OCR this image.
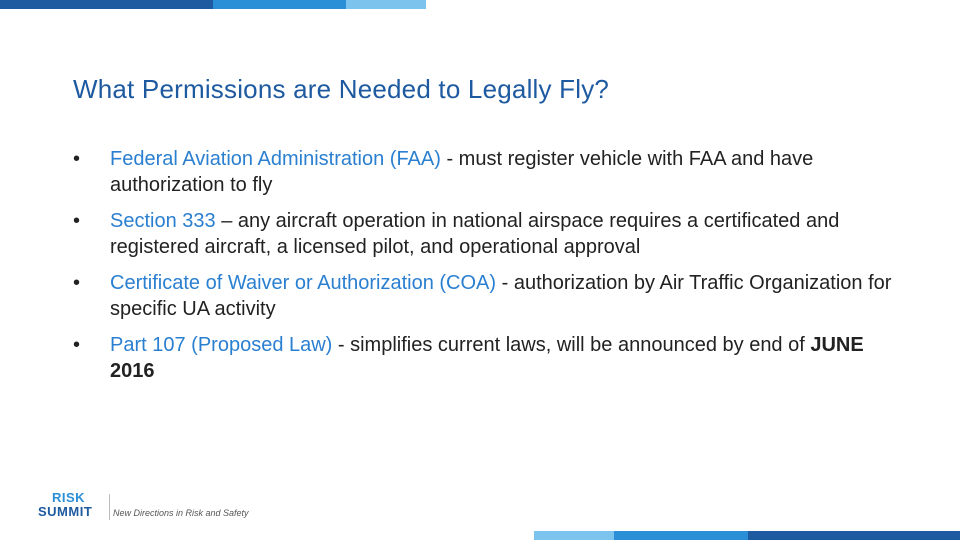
What Permissions are Needed to Legally Fly?
• Federal Aviation Administration (FAA) - must register vehicle with FAA and have authorization to fly
• Section 333 – any aircraft operation in national airspace requires a certificated and registered aircraft, a licensed pilot, and operational approval
• Certificate of Waiver or Authorization (COA) - authorization by Air Traffic Organization for specific UA activity
• Part 107 (Proposed Law) - simplifies current laws, will be announced by end of JUNE 2016
RISK
SUMMIT	New Directions in Risk and Safety
